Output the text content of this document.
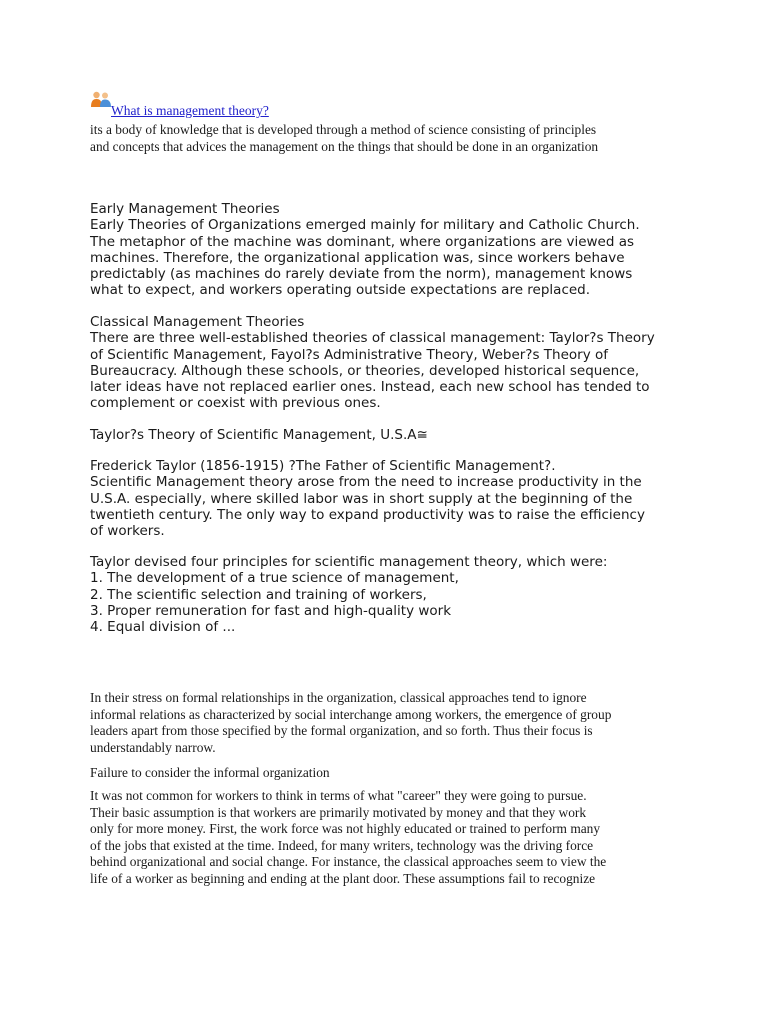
What is management theory?
its a body of knowledge that is developed through a method of science consisting of principles
and concepts that advices the management on the things that should be done in an organization
Early Management Theories
Early Theories of Organizations emerged mainly for military and Catholic Church.
The metaphor of the machine was dominant, where organizations are viewed as
machines. Therefore, the organizational application was, since workers behave
predictably (as machines do rarely deviate from the norm), management knows
what to expect, and workers operating outside expectations are replaced.
Classical Management Theories
There are three well-established theories of classical management: Taylor?s Theory
of Scientific Management, Fayol?s Administrative Theory, Weber?s Theory of
Bureaucracy. Although these schools, or theories, developed historical sequence,
later ideas have not replaced earlier ones. Instead, each new school has tended to
complement or coexist with previous ones.
Taylor?s Theory of Scientific Management, U.S.A≅
Frederick Taylor (1856-1915) ?The Father of Scientific Management?.
Scientific Management theory arose from the need to increase productivity in the
U.S.A. especially, where skilled labor was in short supply at the beginning of the
twentieth century. The only way to expand productivity was to raise the efficiency
of workers.
Taylor devised four principles for scientific management theory, which were:
1. The development of a true science of management,
2. The scientific selection and training of workers,
3. Proper remuneration for fast and high-quality work
4. Equal division of ...
In their stress on formal relationships in the organization, classical approaches tend to ignore
informal relations as characterized by social interchange among workers, the emergence of group
leaders apart from those specified by the formal organization, and so forth. Thus their focus is
understandably narrow.
Failure to consider the informal organization
It was not common for workers to think in terms of what "career" they were going to pursue.
Their basic assumption is that workers are primarily motivated by money and that they work
only for more money. First, the work force was not highly educated or trained to perform many
of the jobs that existed at the time. Indeed, for many writers, technology was the driving force
behind organizational and social change. For instance, the classical approaches seem to view the
life of a worker as beginning and ending at the plant door. These assumptions fail to recognize
